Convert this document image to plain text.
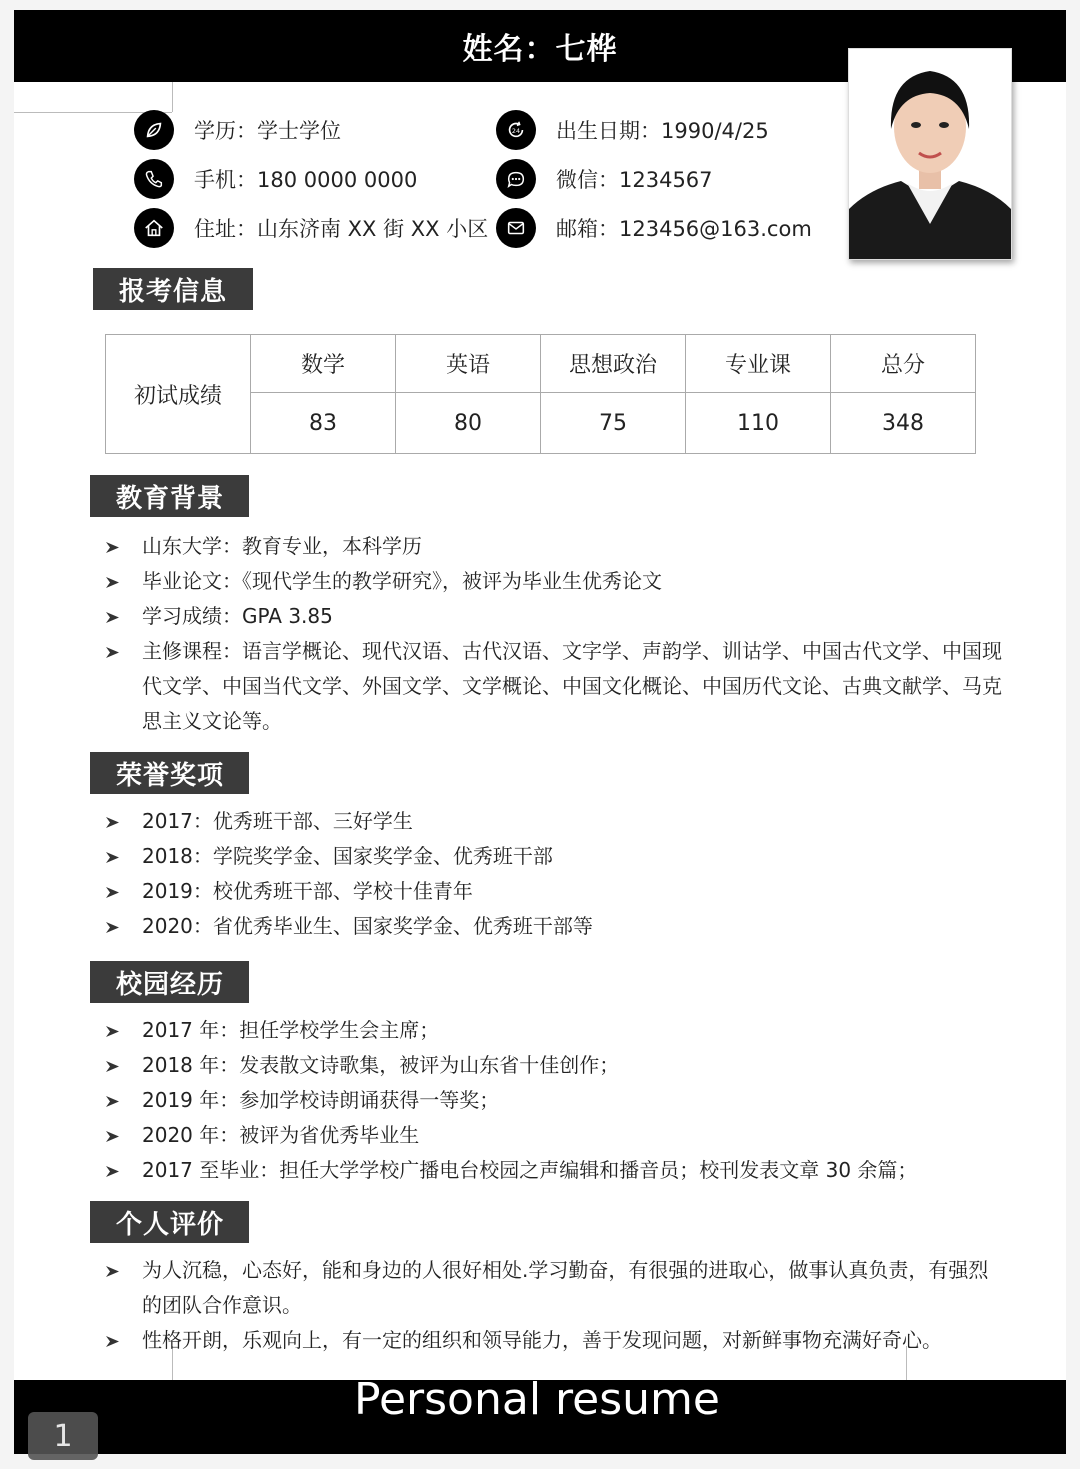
姓名：七桦
学历：学士学位
手机：180 0000 0000
住址：山东济南 XX 街 XX 小区
24 出生日期：1990/4/25
微信：1234567
邮箱：123456@163.com
报考信息
初试成绩	数学	英语	思想政治	专业课	总分
	83	80	75	110	348
教育背景
山东大学：教育专业，本科学历
毕业论文：《现代学生的教学研究》，被评为毕业生优秀论文
学习成绩：GPA 3.85
主修课程：语言学概论、现代汉语、古代汉语、文字学、声韵学、训诂学、中国古代文学、中国现代文学、中国当代文学、外国文学、文学概论、中国文化概论、中国历代文论、古典文献学、马克思主义文论等。
荣誉奖项
2017：优秀班干部、三好学生
2018：学院奖学金、国家奖学金、优秀班干部
2019：校优秀班干部、学校十佳青年
2020：省优秀毕业生、国家奖学金、优秀班干部等
校园经历
2017 年：担任学校学生会主席；
2018 年：发表散文诗歌集，被评为山东省十佳创作；
2019 年：参加学校诗朗诵获得一等奖；
2020 年：被评为省优秀毕业生
2017 至毕业：担任大学学校广播电台校园之声编辑和播音员；校刊发表文章 30 余篇；
个人评价
为人沉稳，心态好，能和身边的人很好相处.学习勤奋，有很强的进取心，做事认真负责，有强烈的团队合作意识。
性格开朗，乐观向上，有一定的组织和领导能力，善于发现问题，对新鲜事物充满好奇心。
Personal resume
1
